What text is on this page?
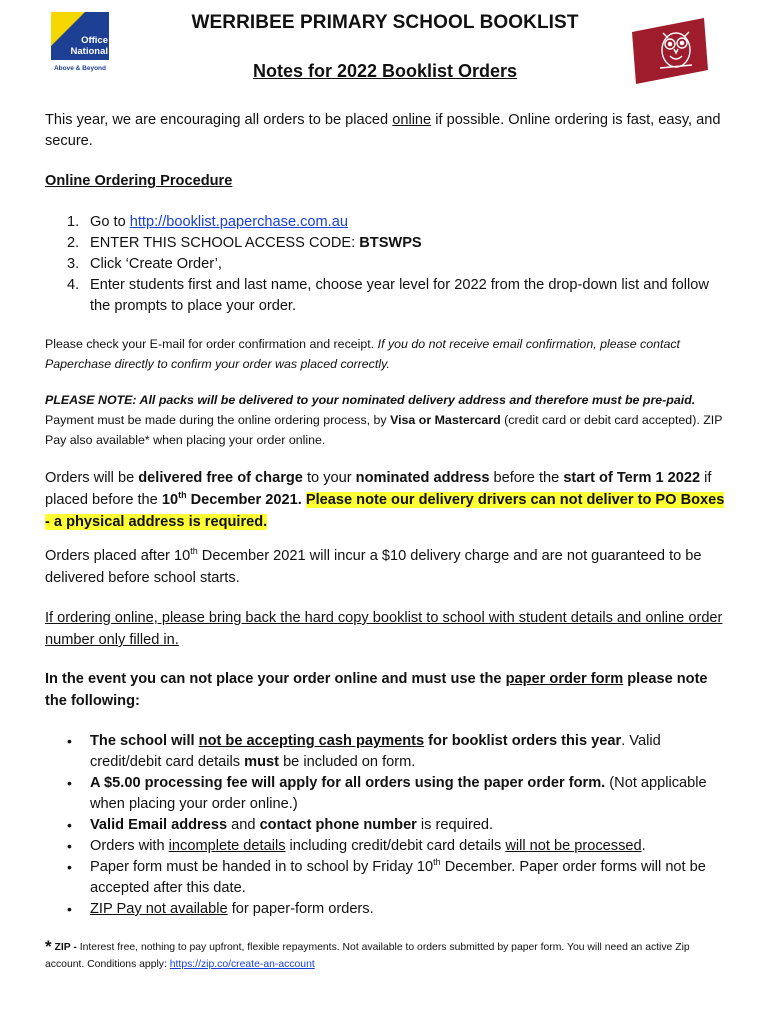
Office
National
Above & Beyond
WERRIBEE PRIMARY SCHOOL BOOKLIST
Notes for 2022 Booklist Orders
This year, we are encouraging all orders to be placed online if possible. Online ordering is fast, easy, and secure.
Online Ordering Procedure
1. Go to http://booklist.paperchase.com.au
2. ENTER THIS SCHOOL ACCESS CODE: BTSWPS
3. Click ‘Create Order’,
4. Enter students first and last name, choose year level for 2022 from the drop-down list and follow the prompts to place your order.
Please check your E-mail for order confirmation and receipt. If you do not receive email confirmation, please contact Paperchase directly to confirm your order was placed correctly.
PLEASE NOTE: All packs will be delivered to your nominated delivery address and therefore must be pre-paid. Payment must be made during the online ordering process, by Visa or Mastercard (credit card or debit card accepted). ZIP Pay also available* when placing your order online.
Orders will be delivered free of charge to your nominated address before the start of Term 1 2022 if placed before the 10th December 2021. Please note our delivery drivers can not deliver to PO Boxes - a physical address is required.
Orders placed after 10th December 2021 will incur a $10 delivery charge and are not guaranteed to be delivered before school starts.
If ordering online, please bring back the hard copy booklist to school with student details and online order number only filled in.
In the event you can not place your order online and must use the paper order form please note the following:
• The school will not be accepting cash payments for booklist orders this year. Valid credit/debit card details must be included on form.
• A $5.00 processing fee will apply for all orders using the paper order form. (Not applicable when placing your order online.)
• Valid Email address and contact phone number is required.
• Orders with incomplete details including credit/debit card details will not be processed.
• Paper form must be handed in to school by Friday 10th December. Paper order forms will not be accepted after this date.
• ZIP Pay not available for paper-form orders.
* ZIP - Interest free, nothing to pay upfront, flexible repayments. Not available to orders submitted by paper form. You will need an active Zip account. Conditions apply: https://zip.co/create-an-account
